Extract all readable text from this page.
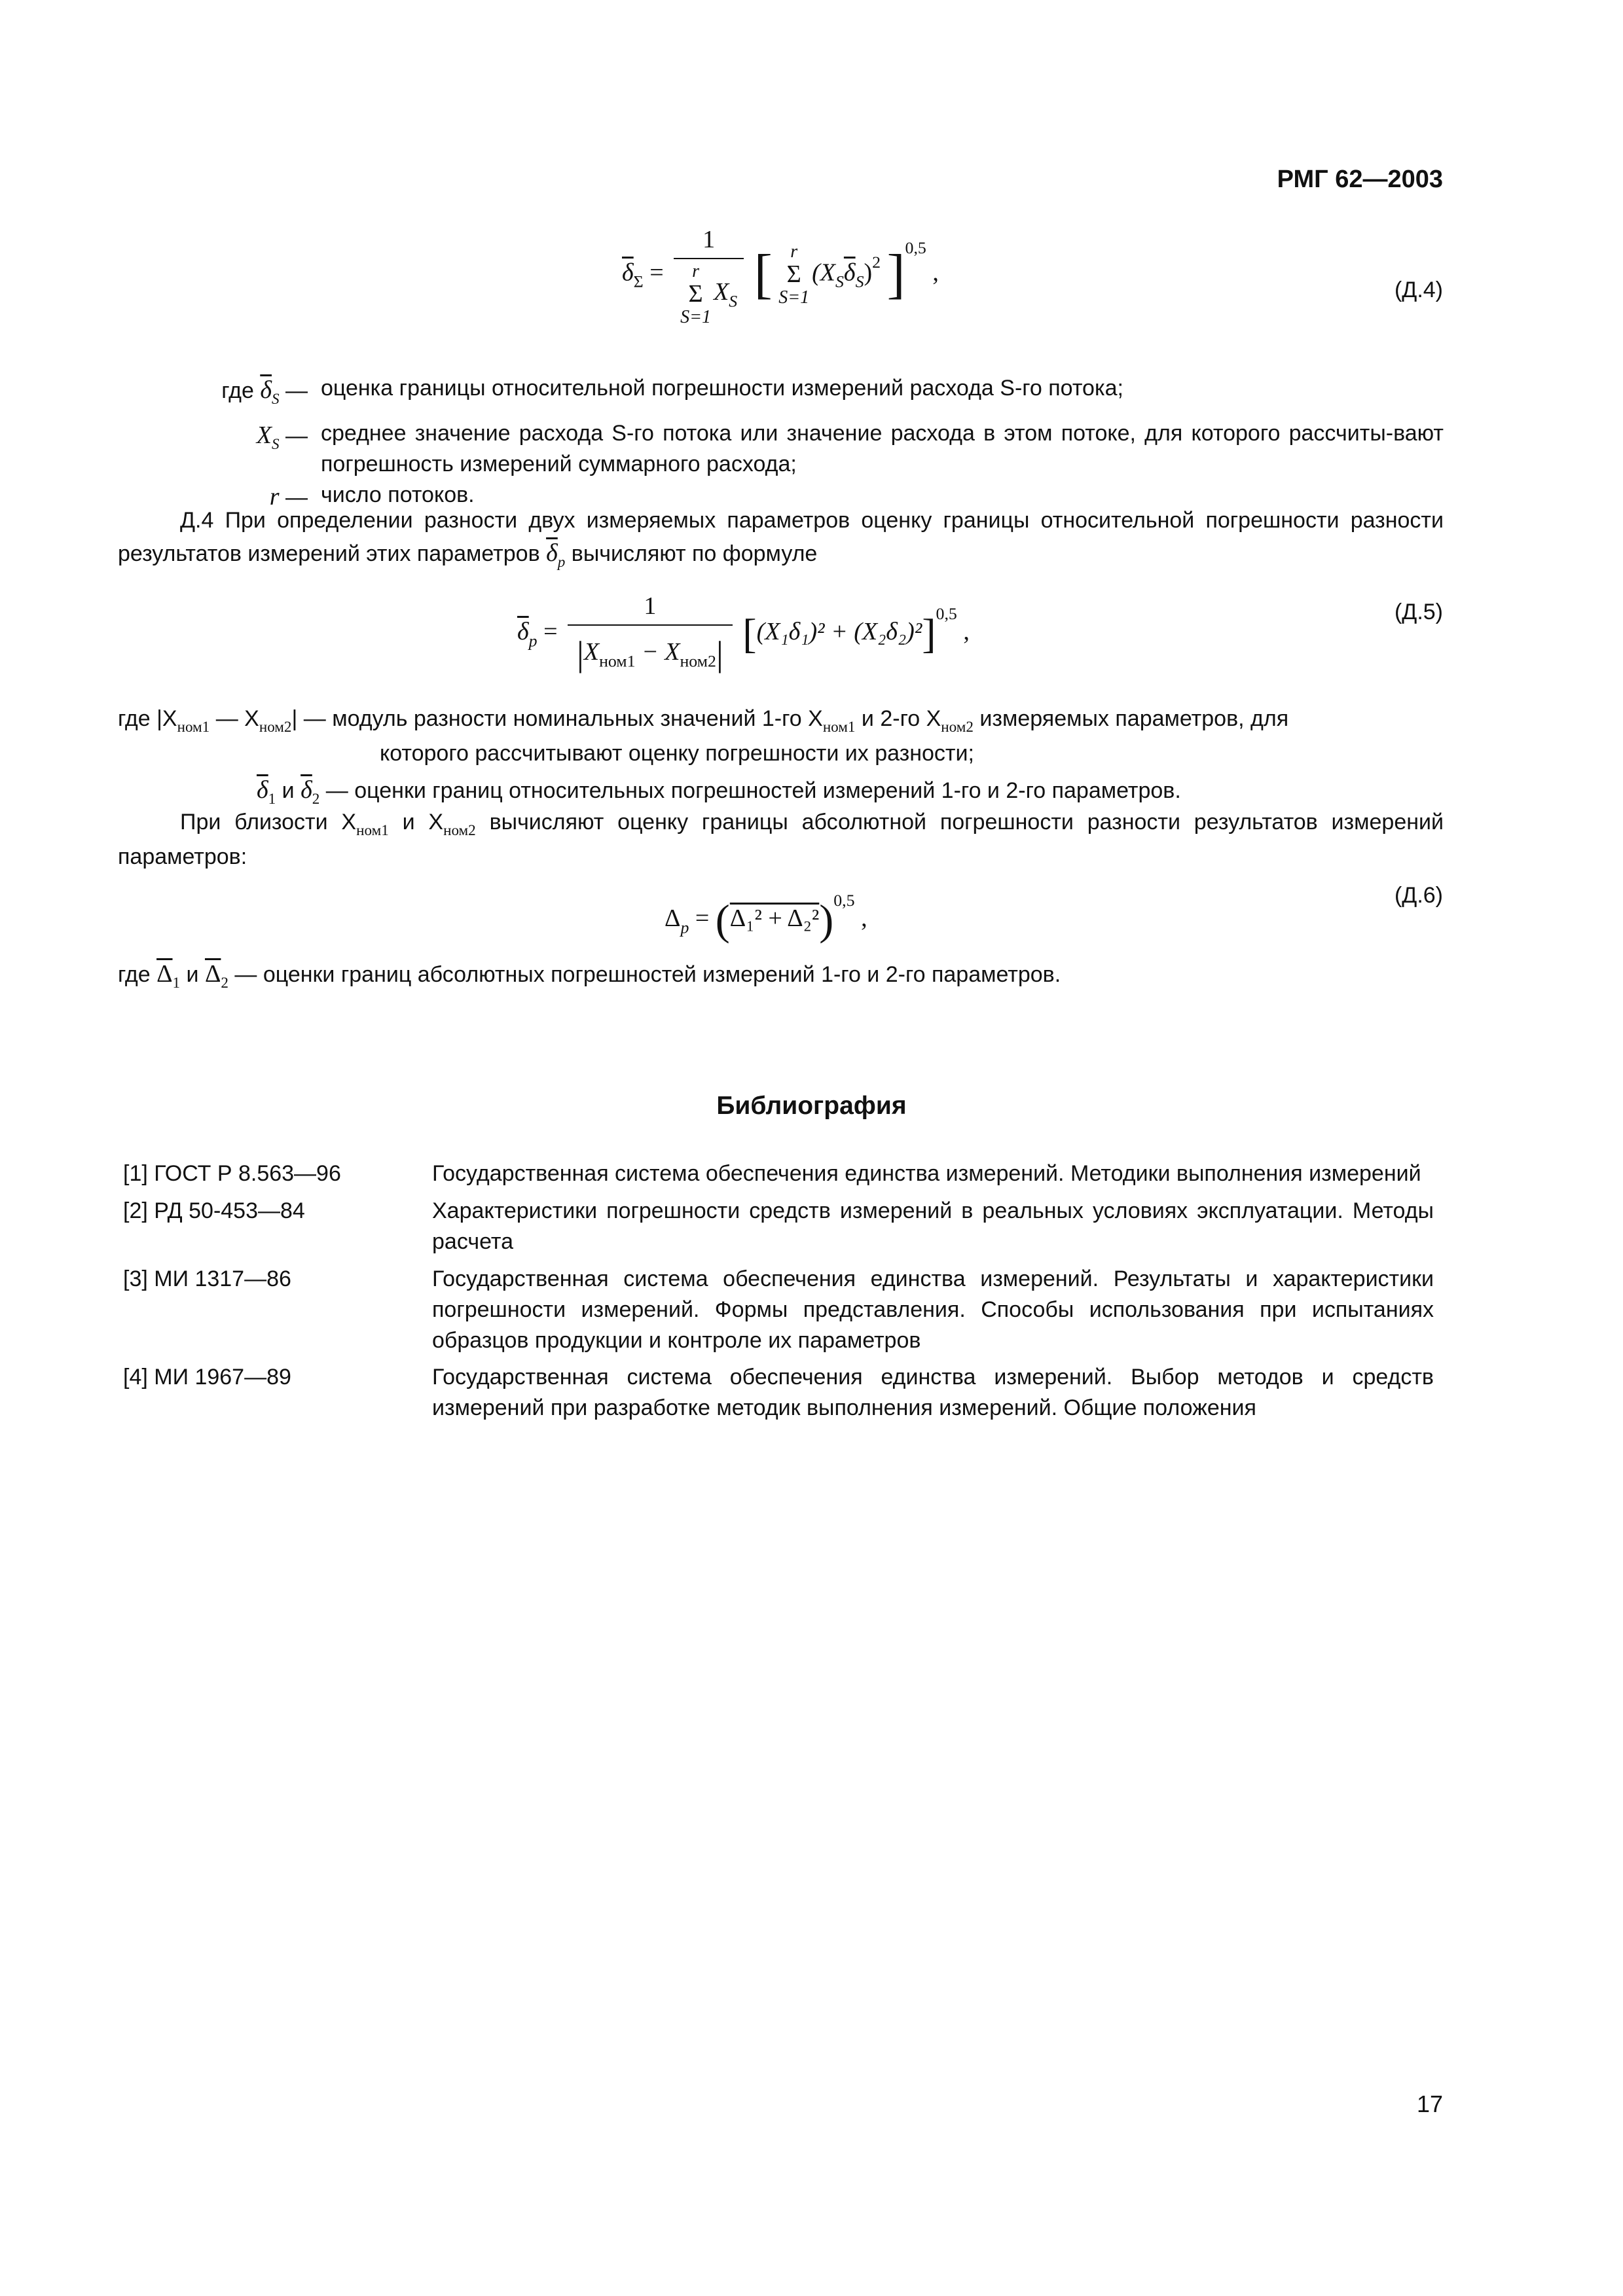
РМГ 62—2003
$\overline{\delta}_\Sigma = 1$
r
Σ
S=1
$X_S$ [ r
Σ
S=1
$(X_S\overline{\delta}_S)^2$ ]$^{0,5}$ ,
(Д.4)
где $\overline{\delta}_S$ — оценка границы относительной погрешности измерений расхода S-го потока;
$X_S$ — среднее значение расхода S-го потока или значение расхода в этом потоке, для которого рассчиты-вают погрешность измерений суммарного расхода;
r — число потоков.
Д.4 При определении разности двух измеряемых параметров оценку границы относительной погрешности разности результатов измерений этих параметров $\overline{\delta}_p$ вычисляют по формуле
$\overline{\delta}_p = \frac{1}{|X_{ном1} - X_{ном2}|} [(X_1\delta_1)^2 + (X_2\delta_2)^2]^{0,5}$ ,
(Д.5)
где $|X_{ном1}$ — $X_{ном2}|$ — модуль разности номинальных значений 1-го $X_{ном1}$ и 2-го $X_{ном2}$ измеряемых параметров, для
которого рассчитывают оценку погрешности их разности;
$\overline{\delta}_1$ и $\overline{\delta}_2$ — оценки границ относительных погрешностей измерений 1-го и 2-го параметров.
При близости $X_{ном1}$ и $X_{ном2}$ вычисляют оценку границы абсолютной погрешности разности результатов измерений параметров:
$\Delta_p = (\Delta_1^2 + \Delta_2^2)^{0,5}$ ,
(Д.6)
где $\overline{\Delta}_1$ и $\overline{\Delta}_2$ — оценки границ абсолютных погрешностей измерений 1-го и 2-го параметров.
Библиография
[1] ГОСТ Р 8.563—96	Государственная система обеспечения единства измерений. Методики выполнения измерений
[2] РД 50-453—84	Характеристики погрешности средств измерений в реальных условиях эксплуатации. Методы расчета
[3] МИ 1317—86	Государственная система обеспечения единства измерений. Результаты и характеристики погрешности измерений. Формы представления. Способы использования при испытаниях образцов продукции и контроле их параметров
[4] МИ 1967—89	Государственная система обеспечения единства измерений. Выбор методов и средств измерений при разработке методик выполнения измерений. Общие положения
17
